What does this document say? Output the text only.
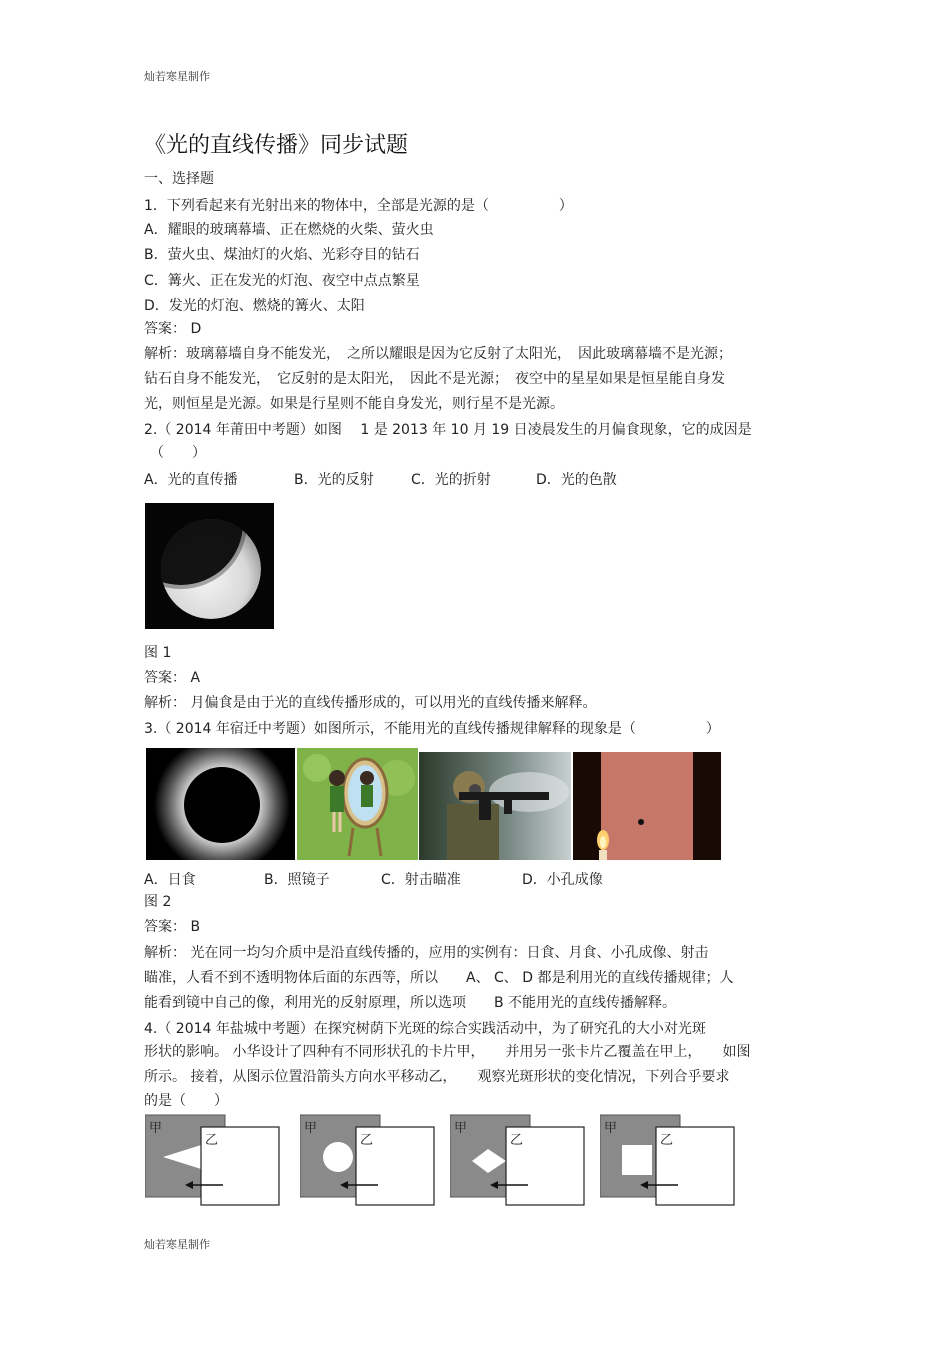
灿若寒星制作
《光的直线传播》同步试题
一、选择题
1．下列看起来有光射出来的物体中，全部是光源的是（　　　　　）
A．耀眼的玻璃幕墙、正在燃烧的火柴、萤火虫
B．萤火虫、煤油灯的火焰、光彩夺目的钻石
C．篝火、正在发光的灯泡、夜空中点点繁星
D．发光的灯泡、燃烧的篝火、太阳
答案： D
解析：玻璃幕墙自身不能发光，　之所以耀眼是因为它反射了太阳光，　因此玻璃幕墙不是光源；
钻石自身不能发光，　它反射的是太阳光，　因此不是光源；　夜空中的星星如果是恒星能自身发
光，则恒星是光源。如果是行星则不能自身发光，则行星不是光源。
2.（ 2014 年莆田中考题）如图　 1 是 2013 年 10 月 19 日凌晨发生的月偏食现象，它的成因是
（　　）
A．光的直传播	B．光的反射	C．光的折射	D．光的色散
图 1
答案： A
解析： 月偏食是由于光的直线传播形成的，可以用光的直线传播来解释。
3.（ 2014 年宿迁中考题）如图所示，不能用光的直线传播规律解释的现象是（　　　　　）
A．日食	B．照镜子	C．射击瞄准	D．小孔成像
图 2
答案： B
解析： 光在同一均匀介质中是沿直线传播的，应用的实例有：日食、月食、小孔成像、射击
瞄准，人看不到不透明物体后面的东西等，所以　　A、 C、 D 都是利用光的直线传播规律；人
能看到镜中自己的像，利用光的反射原理，所以选项　　B 不能用光的直线传播解释。
4.（ 2014 年盐城中考题）在探究树荫下光斑的综合实践活动中，为了研究孔的大小对光斑
形状的影响。 小华设计了四种有不同形状孔的卡片甲，　　并用另一张卡片乙覆盖在甲上，　　如图
所示。 接着，从图示位置沿箭头方向水平移动乙，　　观察光斑形状的变化情况，下列合乎要求
的是（　　）
甲
乙
甲
乙
甲
乙
甲
乙
灿若寒星制作
